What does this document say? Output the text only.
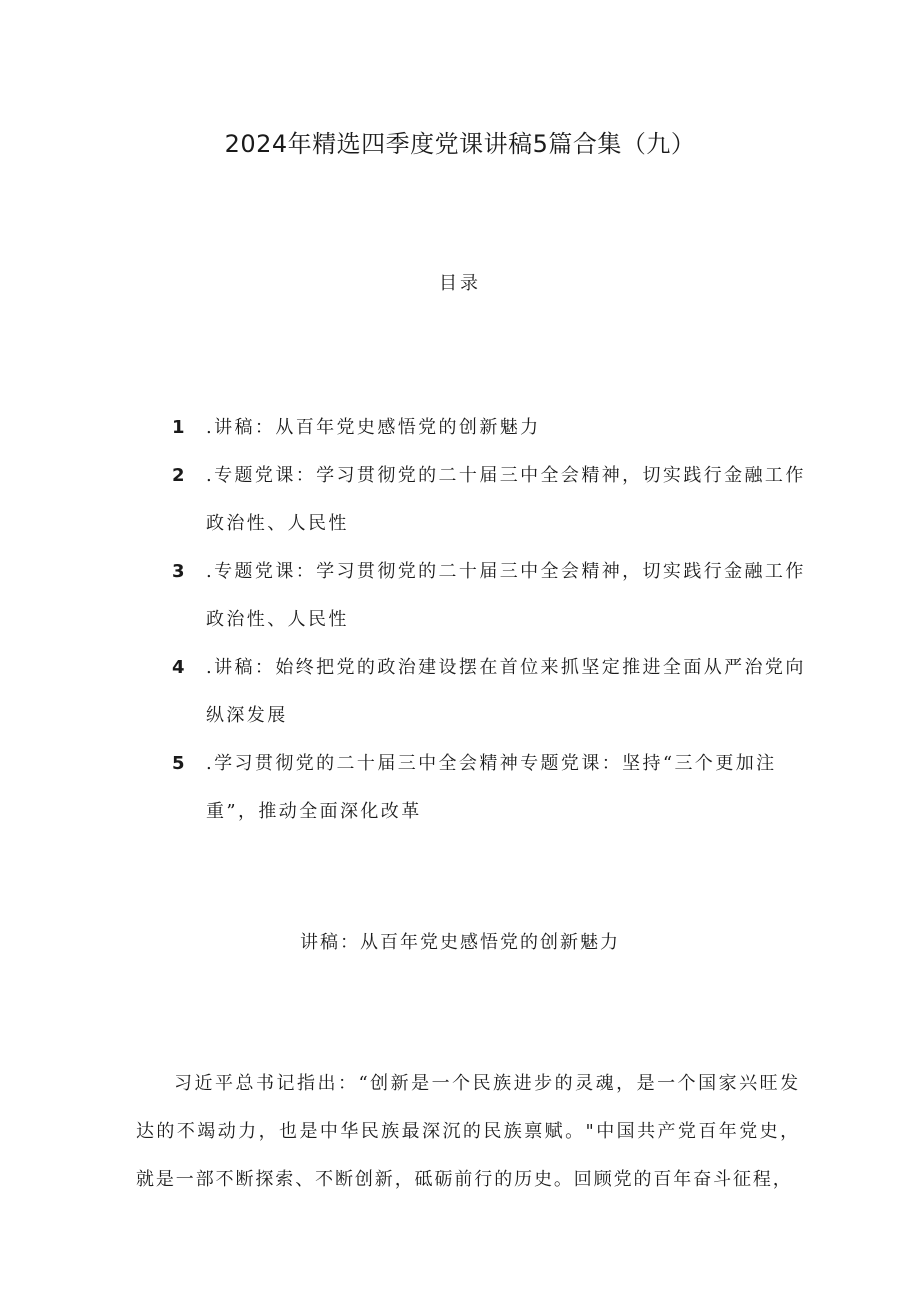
2024年精选四季度党课讲稿5篇合集（九）
目录
1 .讲稿：从百年党史感悟党的创新魅力
2 .专题党课：学习贯彻党的二十届三中全会精神，切实践行金融工作政治性、人民性
3 .专题党课：学习贯彻党的二十届三中全会精神，切实践行金融工作政治性、人民性
4 .讲稿：始终把党的政治建设摆在首位来抓坚定推进全面从严治党向纵深发展
5 .学习贯彻党的二十届三中全会精神专题党课：坚持“三个更加注重”，推动全面深化改革
讲稿：从百年党史感悟党的创新魅力

习近平总书记指出：“创新是一个民族进步的灵魂，是一个国家兴旺发达的不竭动力，也是中华民族最深沉的民族禀赋。"中国共产党百年党史，就是一部不断探索、不断创新，砥砺前行的历史。回顾党的百年奋斗征程，
